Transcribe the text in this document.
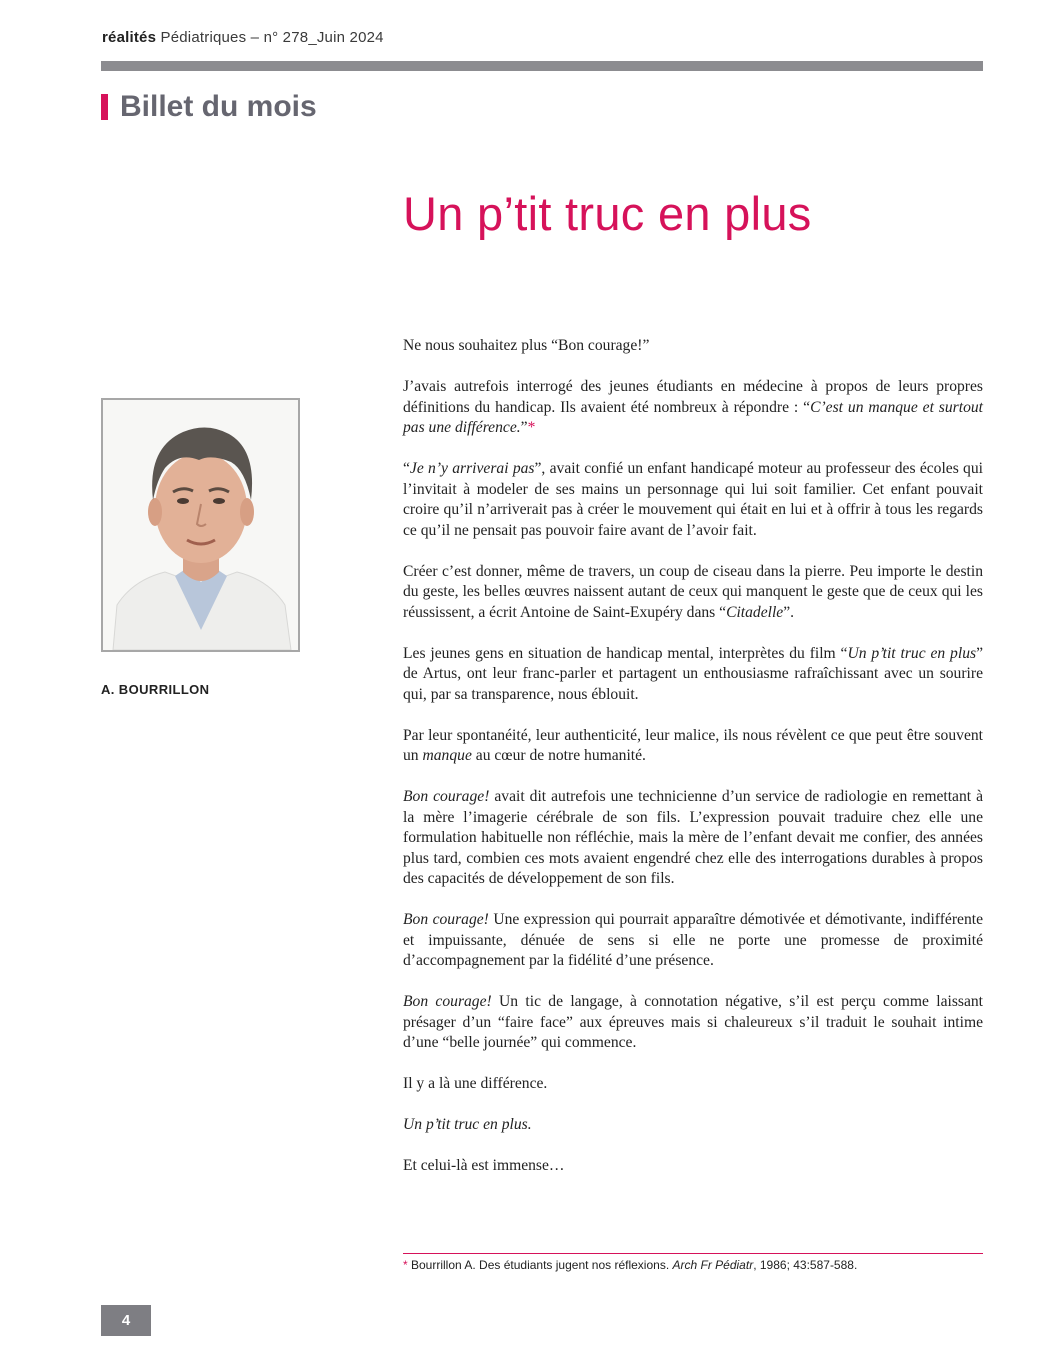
réalités Pédiatriques – n° 278_Juin 2024
Billet du mois
Un p’tit truc en plus
A. BOURRILLON

Ne nous souhaitez plus “Bon courage!”

J’avais autrefois interrogé des jeunes étudiants en médecine à propos de leurs propres définitions du handicap. Ils avaient été nombreux à répondre : “C’est un manque et surtout pas une différence.”*

“Je n’y arriverai pas”, avait confié un enfant handicapé moteur au professeur des écoles qui l’invitait à modeler de ses mains un personnage qui lui soit familier. Cet enfant pouvait croire qu’il n’arriverait pas à créer le mouvement qui était en lui et à offrir à tous les regards ce qu’il ne pensait pas pouvoir faire avant de l’avoir fait.

Créer c’est donner, même de travers, un coup de ciseau dans la pierre. Peu importe le destin du geste, les belles œuvres naissent autant de ceux qui manquent le geste que de ceux qui les réussissent, a écrit Antoine de Saint-Exupéry dans “Citadelle”.

Les jeunes gens en situation de handicap mental, interprètes du film “Un p’tit truc en plus” de Artus, ont leur franc-parler et partagent un enthousiasme rafraîchissant avec un sourire qui, par sa transparence, nous éblouit.

Par leur spontanéité, leur authenticité, leur malice, ils nous révèlent ce que peut être souvent un manque au cœur de notre humanité.

Bon courage! avait dit autrefois une technicienne d’un service de radiologie en remettant à la mère l’imagerie cérébrale de son fils. L’expression pouvait traduire chez elle une formulation habituelle non réfléchie, mais la mère de l’enfant devait me confier, des années plus tard, combien ces mots avaient engendré chez elle des interrogations durables à propos des capacités de développement de son fils.

Bon courage! Une expression qui pourrait apparaître démotivée et démotivante, indifférente et impuissante, dénuée de sens si elle ne porte une promesse de proximité d’accompagnement par la fidélité d’une présence.

Bon courage! Un tic de langage, à connotation négative, s’il est perçu comme laissant présager d’un “faire face” aux épreuves mais si chaleureux s’il traduit le souhait intime d’une “belle journée” qui commence.

Il y a là une différence.

Un p’tit truc en plus.

Et celui-là est immense…

* Bourrillon A. Des étudiants jugent nos réflexions. Arch Fr Pédiatr, 1986; 43:587-588.
4
